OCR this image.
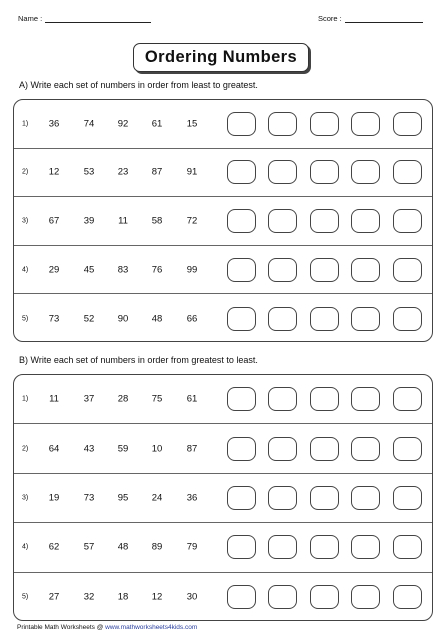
Name :	Score :
Ordering Numbers
A) Write each set of numbers in order from least to greatest.
1)	36	74	92	61	15
2)	12	53	23	87	91
3)	67	39	11	58	72
4)	29	45	83	76	99
5)	73	52	90	48	66
B) Write each set of numbers in order from greatest to least.
1)	11	37	28	75	61
2)	64	43	59	10	87
3)	19	73	95	24	36
4)	62	57	48	89	79
5)	27	32	18	12	30
Printable Math Worksheets @ www.mathworksheets4kids.com
